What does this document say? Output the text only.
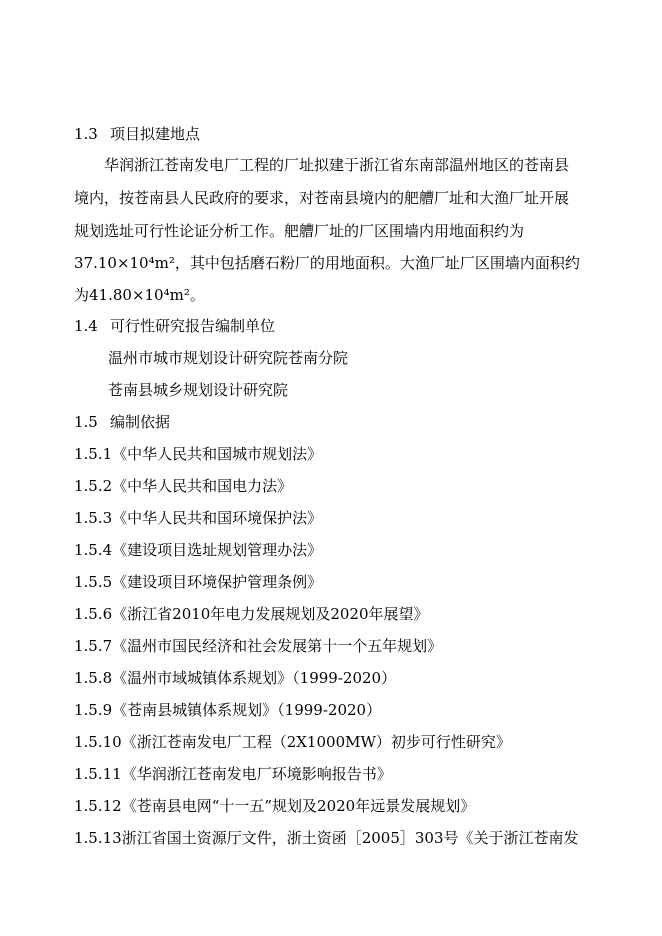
1.3 项目拟建地点
华润浙江苍南发电厂工程的厂址拟建于浙江省东南部温州地区的苍南县
境内，按苍南县人民政府的要求，对苍南县境内的舥艚厂址和大渔厂址开展
规划选址可行性论证分析工作。舥艚厂址的厂区围墙内用地面积约为
37.10×10⁴m²，其中包括磨石粉厂的用地面积。大渔厂址厂区围墙内面积约
为41.80×10⁴m²。
1.4 可行性研究报告编制单位
温州市城市规划设计研究院苍南分院
苍南县城乡规划设计研究院
1.5 编制依据
1.5.1《中华人民共和国城市规划法》
1.5.2《中华人民共和国电力法》
1.5.3《中华人民共和国环境保护法》
1.5.4《建设项目选址规划管理办法》
1.5.5《建设项目环境保护管理条例》
1.5.6《浙江省2010年电力发展规划及2020年展望》
1.5.7《温州市国民经济和社会发展第十一个五年规划》
1.5.8《温州市域城镇体系规划》（1999-2020）
1.5.9《苍南县城镇体系规划》（1999-2020）
1.5.10《浙江苍南发电厂工程（2X1000MW）初步可行性研究》
1.5.11《华润浙江苍南发电厂环境影响报告书》
1.5.12《苍南县电网“十一五”规划及2020年远景发展规划》
1.5.13浙江省国土资源厅文件，浙土资函［2005］303号《关于浙江苍南发
